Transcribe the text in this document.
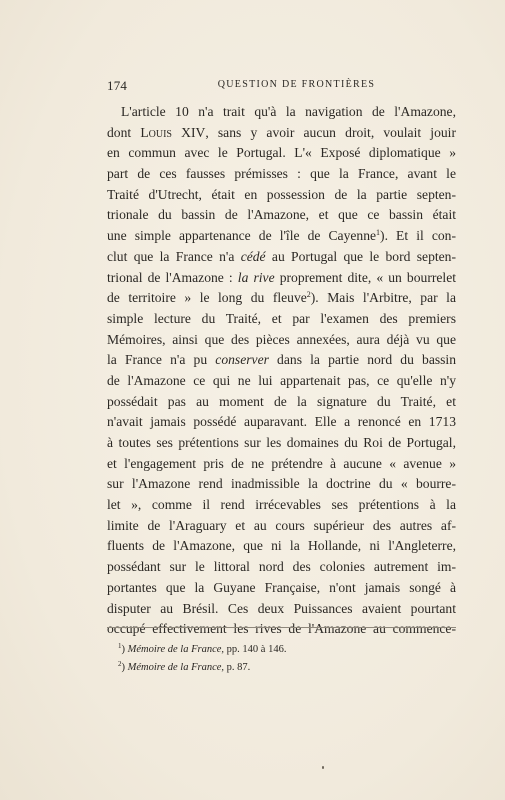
174	QUESTION DE FRONTIÈRES
L'article 10 n'a trait qu'à la navigation de l'Amazone,
dont Louis XIV, sans y avoir aucun droit, voulait jouir
en commun avec le Portugal. L'« Exposé diplomatique »
part de ces fausses prémisses : que la France, avant le
Traité d'Utrecht, était en possession de la partie septen-
trionale du bassin de l'Amazone, et que ce bassin était
une simple appartenance de l'île de Cayenne$^1$). Et il con-
clut que la France n'a cédé au Portugal que le bord septen-
trional de l'Amazone : la rive proprement dite, « un bourrelet
de territoire » le long du fleuve$^2$). Mais l'Arbitre, par la
simple lecture du Traité, et par l'examen des premiers
Mémoires, ainsi que des pièces annexées, aura déjà vu que
la France n'a pu conserver dans la partie nord du bassin
de l'Amazone ce qui ne lui appartenait pas, ce qu'elle n'y
possédait pas au moment de la signature du Traité, et
n'avait jamais possédé auparavant. Elle a renoncé en 1713
à toutes ses prétentions sur les domaines du Roi de Portugal,
et l'engagement pris de ne prétendre à aucune « avenue »
sur l'Amazone rend inadmissible la doctrine du « bourre-
let », comme il rend irrécevables ses prétentions à la
limite de l'Araguary et au cours supérieur des autres af-
fluents de l'Amazone, que ni la Hollande, ni l'Angleterre,
possédant sur le littoral nord des colonies autrement im-
portantes que la Guyane Française, n'ont jamais songé à
disputer au Brésil. Ces deux Puissances avaient pourtant
occupé effectivement les rives de l'Amazone au commence-
$^1$) Mémoire de la France, pp. 140 à 146.
$^2$) Mémoire de la France, p. 87.
